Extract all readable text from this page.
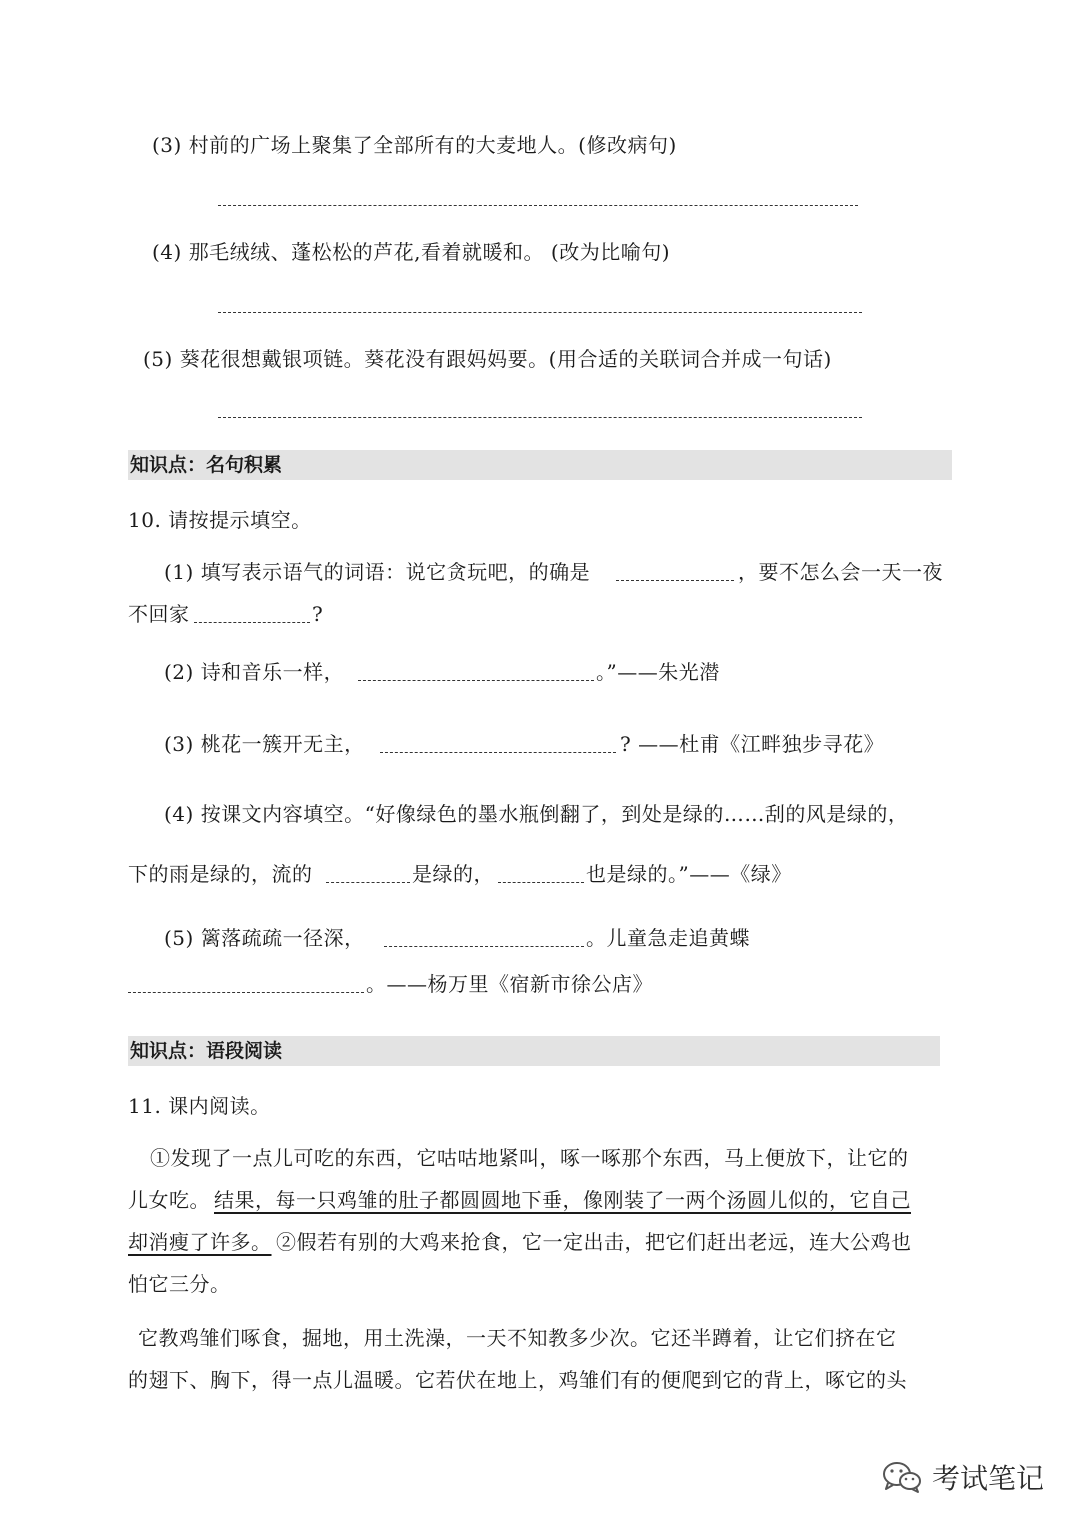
(3) 村前的广场上聚集了全部所有的大麦地人。(修改病句)
(4) 那毛绒绒、蓬松松的芦花,看着就暖和。 (改为比喻句)
(5) 葵花很想戴银项链。葵花没有跟妈妈要。(用合适的关联词合并成一句话)
知识点：名句积累
10. 请按提示填空。
(1) 填写表示语气的词语：说它贪玩吧，的确是	，要不怎么会一天一夜
不回家	?
(2) 诗和音乐一样，	。”——朱光潜
(3) 桃花一簇开无主，	? ——杜甫《江畔独步寻花》
(4) 按课文内容填空。“好像绿色的墨水瓶倒翻了，到处是绿的……刮的风是绿的，
下的雨是绿的，流的	是绿的，	也是绿的。”——《绿》
(5) 篱落疏疏一径深，	。儿童急走追黄蝶
。——杨万里《宿新市徐公店》
知识点：语段阅读
11. 课内阅读。
①发现了一点儿可吃的东西，它咕咕地紧叫，啄一啄那个东西，马上便放下，让它的
儿女吃。 结果，每一只鸡雏的肚子都圆圆地下垂，像刚装了一两个汤圆儿似的，它自己
却消瘦了许多。 ②假若有别的大鸡来抢食，它一定出击，把它们赶出老远，连大公鸡也
怕它三分。
它教鸡雏们啄食，掘地，用土洗澡，一天不知教多少次。它还半蹲着，让它们挤在它
的翅下、胸下，得一点儿温暖。它若伏在地上，鸡雏们有的便爬到它的背上，啄它的头
考试笔记
